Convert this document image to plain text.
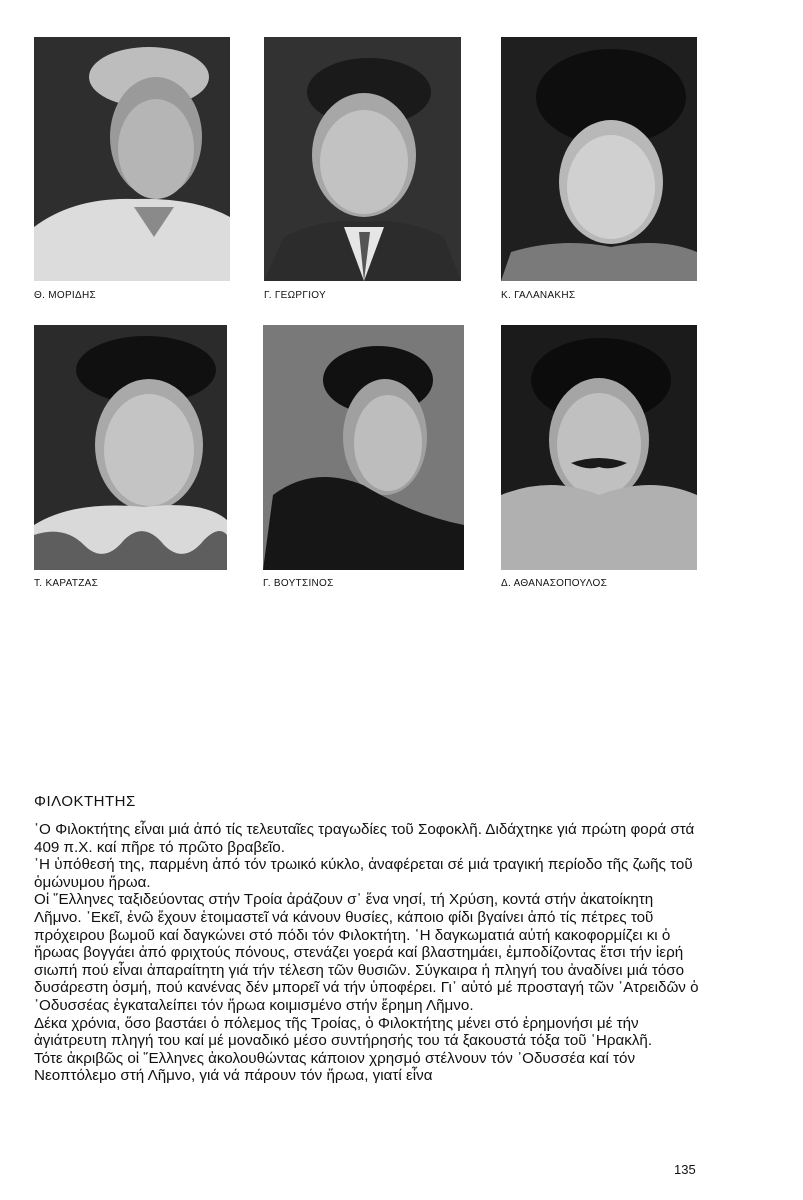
Θ. ΜΟΡΙΔΗΣ	Γ. ΓΕΩΡΓΙΟΥ	Κ. ΓΑΛΑΝΑΚΗΣ
Τ. ΚΑΡΑΤΖΑΣ	Γ. ΒΟΥΤΣΙΝΟΣ	Δ. ΑΘΑΝΑΣΟΠΟΥΛΟΣ
ΦΙΛΟΚΤΗΤΗΣ

῾Ο Φιλοκτήτης εἶναι μιά ἀπό τίς τελευταῖες τραγωδίες τοῦ Σοφοκλῆ. Διδάχτηκε γιά πρώτη φορά στά 409 π.Χ. καί πῆρε τό πρῶτο βραβεῖο.

῾Η ὑπόθεσή της, παρμένη ἀπό τόν τρωικό κύκλο, ἀναφέρεται σέ μιά τραγική περίοδο τῆς ζωῆς τοῦ ὁμώνυμου ἥρωα.

Οἱ ῞Ελληνες ταξιδεύοντας στήν Τροία ἀράζουν σ᾿ ἕνα νησί, τή Χρύση, κοντά στήν ἀκατοίκητη Λῆμνο. ᾿Εκεῖ, ἐνῶ ἔχουν ἑτοιμαστεῖ νά κάνουν θυσίες, κάποιο φίδι βγαίνει ἀπό τίς πέτρες τοῦ πρόχειρου βωμοῦ καί δαγκώνει στό πόδι τόν Φιλοκτήτη. ῾Η δαγκωματιά αὐτή κακοφορμίζει κι ὁ ἥρωας βογγάει ἀπό φριχτούς πόνους, στενάζει γοερά καί βλαστημάει, ἐμποδίζοντας ἔτσι τήν ἱερή σιωπή πού εἶναι ἀπαραίτητη γιά τήν τέλεση τῶν θυσιῶν. Σύγκαιρα ἡ πληγή του ἀναδίνει μιά τόσο δυσάρεστη ὀσμή, πού κανένας δέν μπορεῖ νά τήν ὑποφέρει. Γι᾿ αὐτό μέ προσταγή τῶν ᾿Ατρειδῶν ὁ ᾿Οδυσσέας ἐγκαταλείπει τόν ἥρωα κοιμισμένο στήν ἔρημη Λῆμνο.

Δέκα χρόνια, ὅσο βαστάει ὁ πόλεμος τῆς Τροίας, ὁ Φιλοκτήτης μένει στό ἐρημονήσι μέ τήν ἀγιάτρευτη πληγή του καί μέ μοναδικό μέσο συντήρησής του τά ξακουστά τόξα τοῦ ῾Ηρακλῆ.

Τότε ἀκριβῶς οἱ ῞Ελληνες ἀκολουθώντας κάποιον χρησμό στέλνουν τόν ᾿Οδυσσέα καί τόν Νεοπτόλεμο στή Λῆμνο, γιά νά πάρουν τόν ἥρωα, γιατί εἶνα

135
